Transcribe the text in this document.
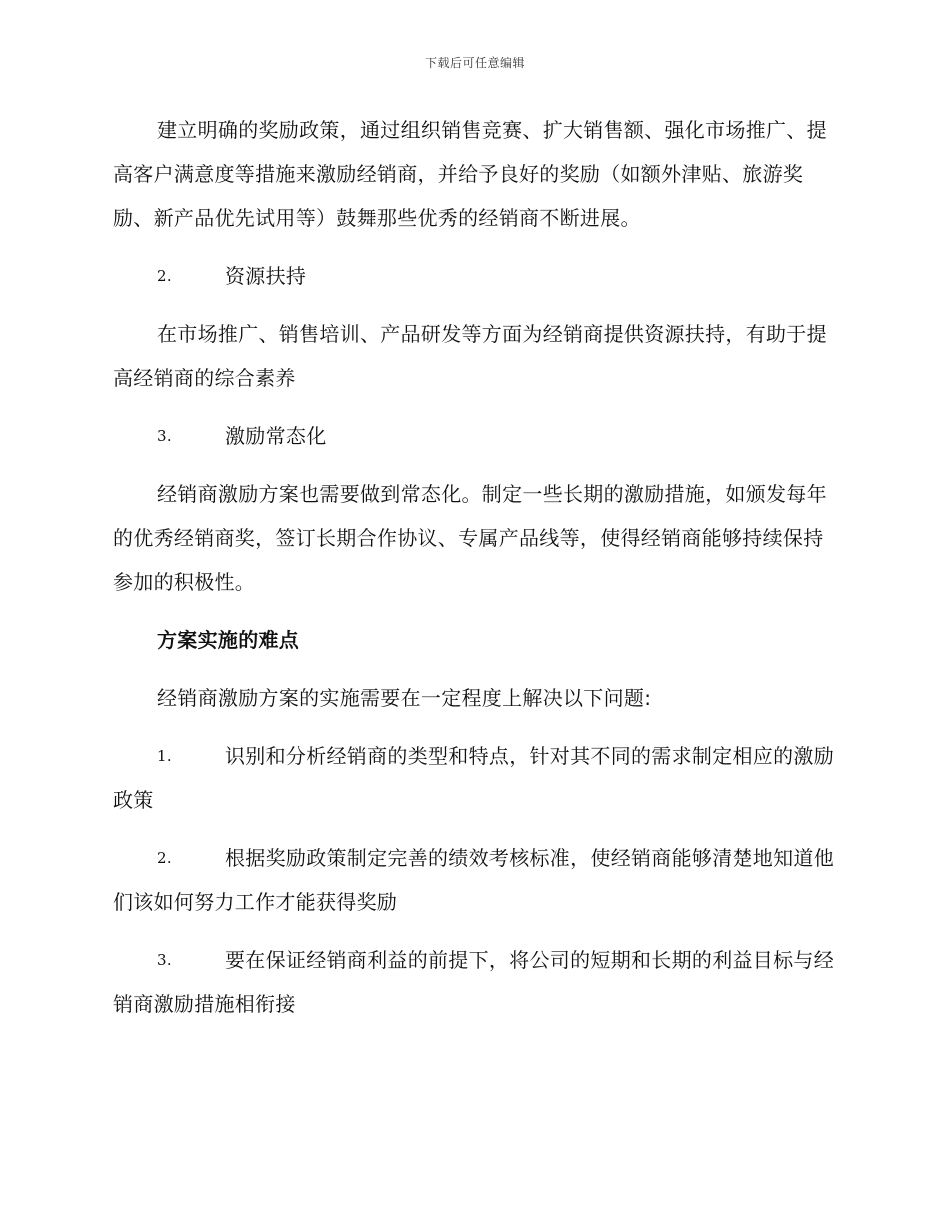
下载后可任意编辑

建立明确的奖励政策，通过组织销售竞赛、扩大销售额、强化市场推广、提高客户满意度等措施来激励经销商，并给予良好的奖励（如额外津贴、旅游奖励、新产品优先试用等）鼓舞那些优秀的经销商不断进展。

2.	资源扶持

在市场推广、销售培训、产品研发等方面为经销商提供资源扶持，有助于提高经销商的综合素养

3.	激励常态化

经销商激励方案也需要做到常态化。制定一些长期的激励措施，如颁发每年的优秀经销商奖，签订长期合作协议、专属产品线等，使得经销商能够持续保持参加的积极性。

方案实施的难点

经销商激励方案的实施需要在一定程度上解决以下问题:

1.	识别和分析经销商的类型和特点，针对其不同的需求制定相应的激励政策

2.	根据奖励政策制定完善的绩效考核标准，使经销商能够清楚地知道他们该如何努力工作才能获得奖励

3.	要在保证经销商利益的前提下，将公司的短期和长期的利益目标与经销商激励措施相衔接
